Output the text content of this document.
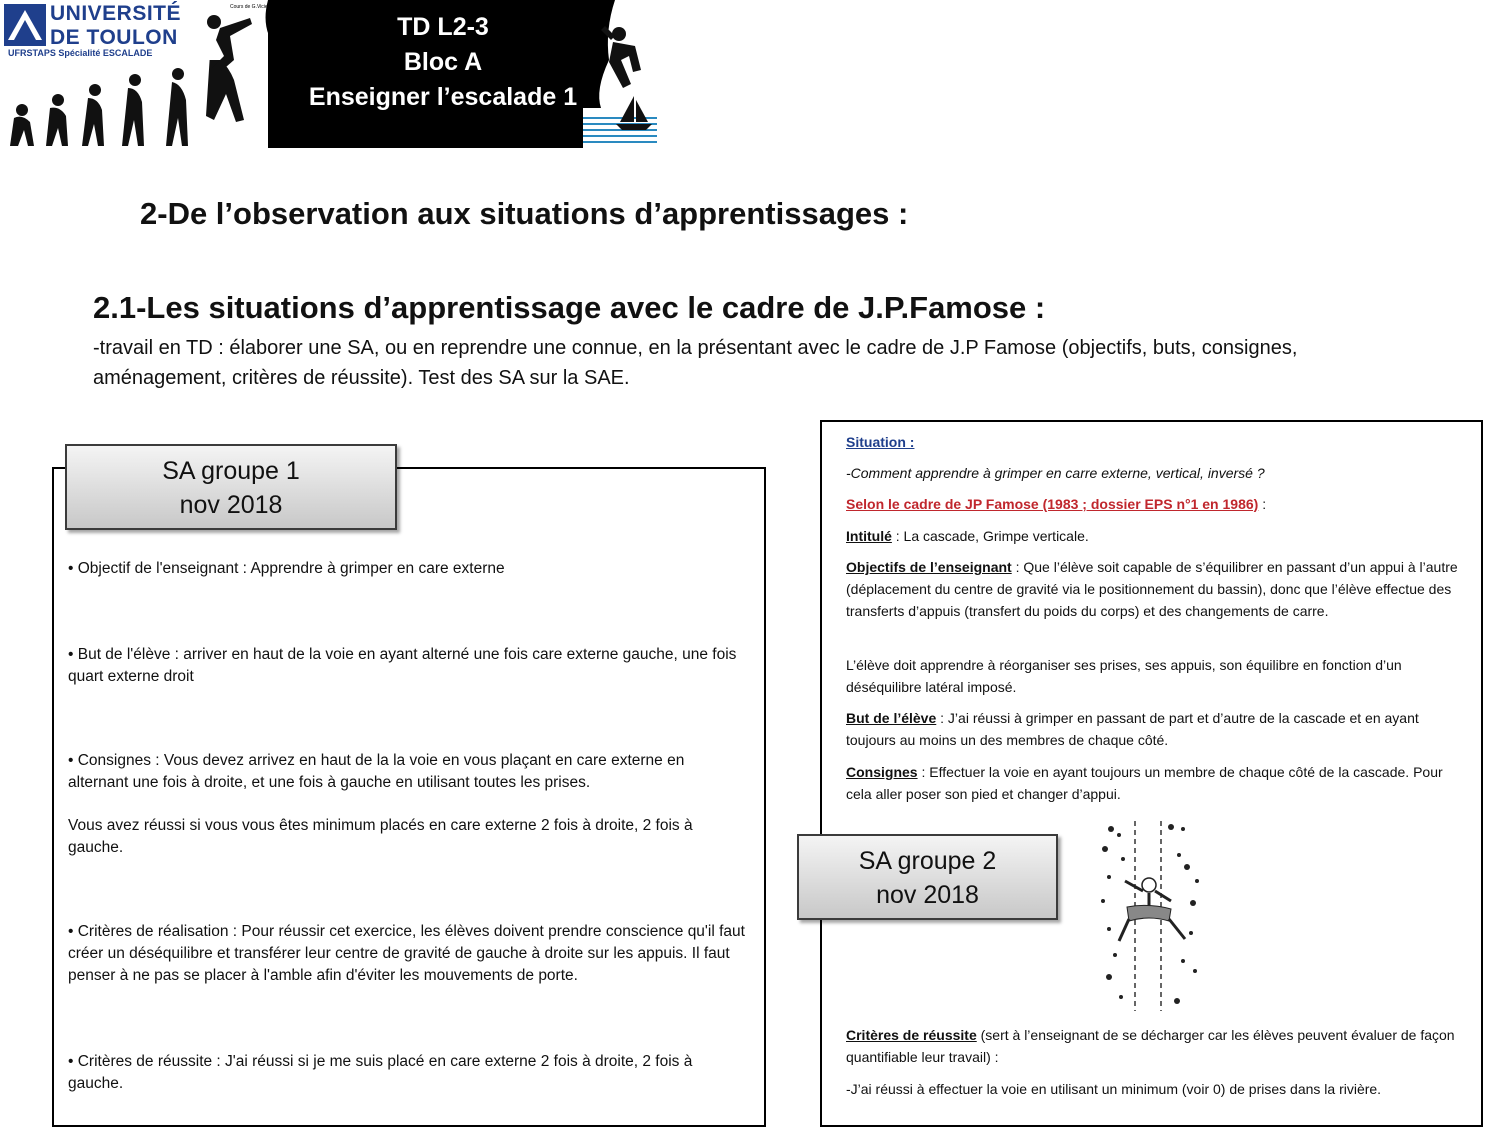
UNIVERSITÉ
DE TOULON
UFRSTAPS Spécialité ESCALADE
Cours de G.Viciers
TD L2-3
Bloc A
Enseigner l’escalade 1
2-De l’observation aux situations d’apprentissages :
2.1-Les situations d’apprentissage avec le cadre de J.P.Famose :
-travail en TD : élaborer une SA, ou en reprendre une connue, en la présentant avec le cadre de J.P Famose (objectifs, buts, consignes, aménagement, critères de réussite). Test des SA sur la SAE.
SA groupe 1
nov 2018
• Objectif de l'enseignant : Apprendre à grimper en care externe
• But de l'élève : arriver en haut de la voie en ayant alterné une fois care externe gauche, une fois quart externe droit
• Consignes : Vous devez arrivez en haut de la la voie en vous plaçant en care externe en alternant une fois à droite, et une fois à gauche en utilisant toutes les prises.
Vous avez réussi si vous vous êtes minimum placés en care externe 2 fois à droite, 2 fois à gauche.
• Critères de réalisation : Pour réussir cet exercice, les élèves doivent prendre conscience qu'il faut créer un déséquilibre et transférer leur centre de gravité de gauche à droite sur les appuis. Il faut penser à ne pas se placer à l'amble afin d'éviter les mouvements de porte.
• Critères de réussite : J'ai réussi si je me suis placé en care externe 2 fois à droite, 2 fois à gauche.
Situation :
-Comment apprendre à grimper en carre externe, vertical, inversé ?
Selon le cadre de JP Famose (1983 ; dossier EPS n°1 en 1986) :
Intitulé : La cascade, Grimpe verticale.
Objectifs de l’enseignant : Que l’élève soit capable de s’équilibrer en passant d’un appui à l’autre (déplacement du centre de gravité via le positionnement du bassin), donc que l’élève effectue des transferts d’appuis (transfert du poids du corps) et des changements de carre.
L’élève doit apprendre à réorganiser ses prises, ses appuis, son équilibre en fonction d’un déséquilibre latéral imposé.
But de l’élève : J’ai réussi à grimper en passant de part et d’autre de la cascade et en ayant toujours au moins un des membres de chaque côté.
Consignes : Effectuer la voie en ayant toujours un membre de chaque côté de la cascade. Pour cela aller poser son pied et changer d’appui.
SA groupe 2
nov 2018
Critères de réussite (sert à l’enseignant de se décharger car les élèves peuvent évaluer de façon quantifiable leur travail) :
-J’ai réussi à effectuer la voie en utilisant un minimum (voir 0) de prises dans la rivière.
